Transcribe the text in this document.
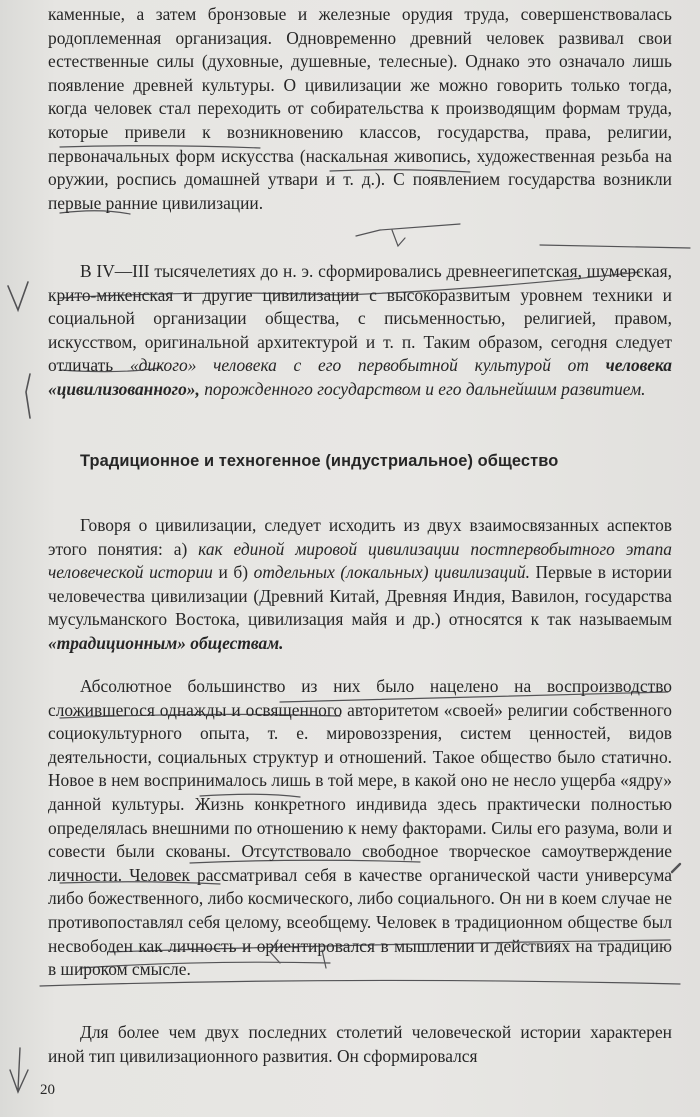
каменные, а затем бронзовые и железные орудия труда, совершенствовалась родоплеменная организация. Одновременно древний человек развивал свои естественные силы (духовные, душевные, телесные). Однако это означало лишь появление древней культуры. О цивилизации же можно говорить только тогда, когда человек стал переходить от собирательства к производящим формам труда, которые привели к возникновению классов, государства, права, религии, первоначальных форм искусства (наскальная живопись, художественная резьба на оружии, роспись домашней утвари и т. д.). С появлением государства возникли первые ранние цивилизации.

В IV—III тысячелетиях до н. э. сформировались древнеегипетская, шумерская, крито-микенская и другие цивилизации с высокоразвитым уровнем техники и социальной организации общества, с письменностью, религией, правом, искусством, оригинальной архитектурой и т. п. Таким образом, сегодня следует отличать «дикого» человека с его первобытной культурой от человека «цивилизованного», порожденного государством и его дальнейшим развитием.

Традиционное и техногенное (индустриальное) общество

Говоря о цивилизации, следует исходить из двух взаимосвязанных аспектов этого понятия: а) как единой мировой цивилизации постпервобытного этапа человеческой истории и б) отдельных (локальных) цивилизаций. Первые в истории человечества цивилизации (Древний Китай, Древняя Индия, Вавилон, государства мусульманского Востока, цивилизация майя и др.) относятся к так называемым «традиционным» обществам.

Абсолютное большинство из них было нацелено на воспроизводство сложившегося однажды и освященного авторитетом «своей» религии собственного социокультурного опыта, т. е. мировоззрения, систем ценностей, видов деятельности, социальных структур и отношений. Такое общество было статично. Новое в нем воспринималось лишь в той мере, в какой оно не несло ущерба «ядру» данной культуры. Жизнь конкретного индивида здесь практически полностью определялась внешними по отношению к нему факторами. Силы его разума, воли и совести были скованы. Отсутствовало свободное творческое самоутверждение личности. Человек рассматривал себя в качестве органической части универсума либо божественного, либо космического, либо социального. Он ни в коем случае не противопоставлял себя целому, всеобщему. Человек в традиционном обществе был несвободен как личность и ориентировался в мышлении и действиях на традицию в широком смысле.

Для более чем двух последних столетий человеческой истории характерен иной тип цивилизационного развития. Он сформировался

20
